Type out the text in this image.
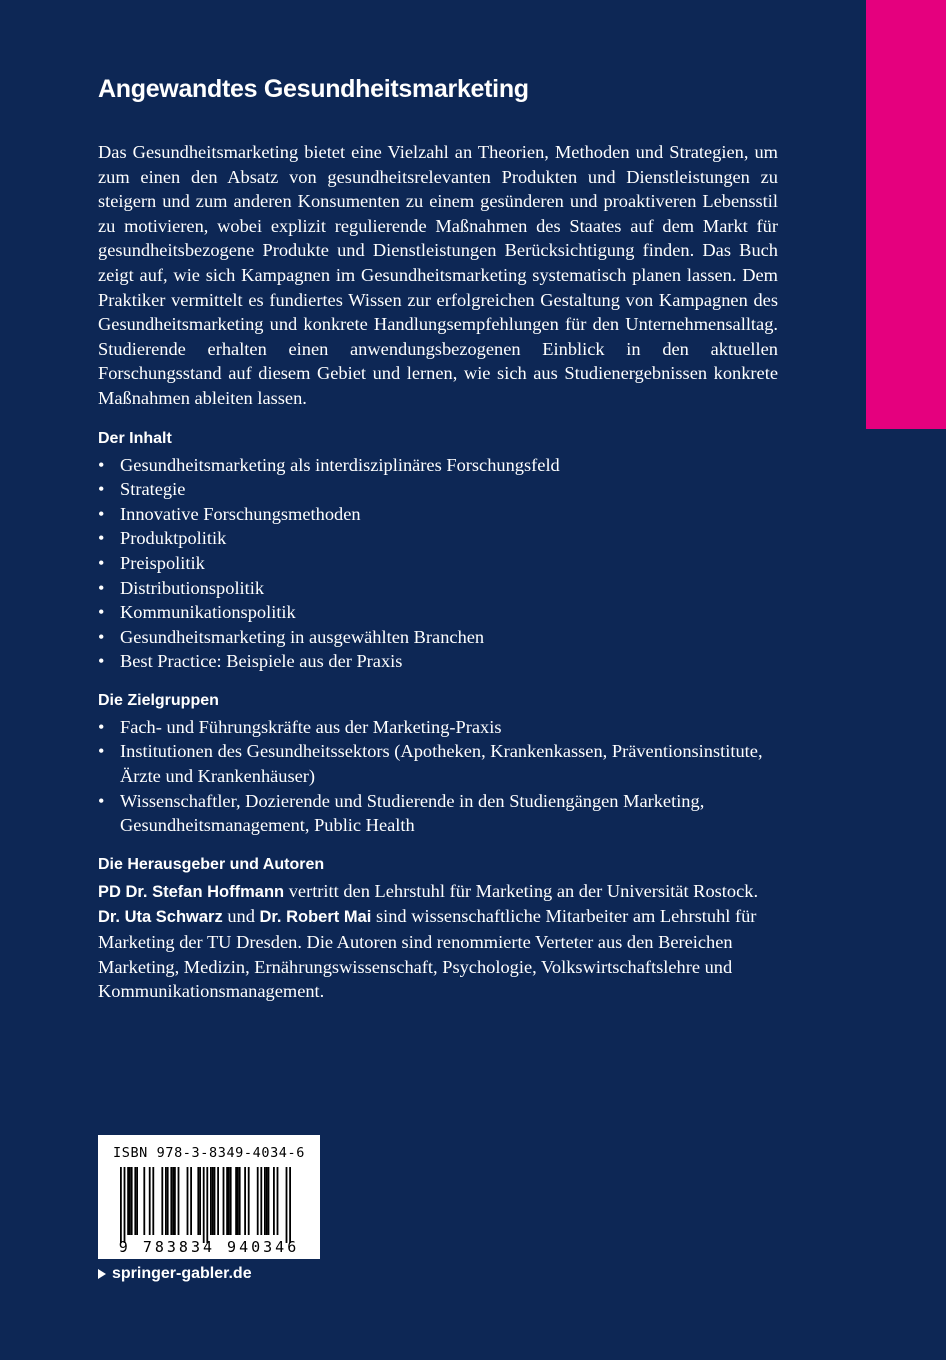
Angewandtes Gesundheitsmarketing

Das Gesundheitsmarketing bietet eine Vielzahl an Theorien, Methoden und Strategien, um zum einen den Absatz von gesundheitsrelevanten Produkten und Dienstleistungen zu steigern und zum anderen Konsumenten zu einem gesünderen und proaktiveren Lebensstil zu motivieren, wobei explizit regulierende Maßnahmen des Staates auf dem Markt für gesundheitsbezogene Produkte und Dienstleistungen Berücksichtigung finden. Das Buch zeigt auf, wie sich Kampagnen im Gesundheitsmarketing systematisch planen lassen. Dem Praktiker vermittelt es fundiertes Wissen zur erfolgreichen Gestaltung von Kampagnen des Gesundheitsmarketing und konkrete Handlungsempfehlungen für den Unternehmensalltag. Studierende erhalten einen anwendungsbezogenen Einblick in den aktuellen Forschungsstand auf diesem Gebiet und lernen, wie sich aus Studienergebnissen konkrete Maßnahmen ableiten lassen.

Der Inhalt
• Gesundheitsmarketing als interdisziplinäres Forschungsfeld
• Strategie
• Innovative Forschungsmethoden
• Produktpolitik
• Preispolitik
• Distributionspolitik
• Kommunikationspolitik
• Gesundheitsmarketing in ausgewählten Branchen
• Best Practice: Beispiele aus der Praxis
Die Zielgruppen
• Fach- und Führungskräfte aus der Marketing-Praxis
• Institutionen des Gesundheitssektors (Apotheken, Krankenkassen, Präventionsinstitute, Ärzte und Krankenhäuser)
• Wissenschaftler, Dozierende und Studierende in den Studiengängen Marketing, Gesundheitsmanagement, Public Health
Die Herausgeber und Autoren

PD Dr. Stefan Hoffmann vertritt den Lehrstuhl für Marketing an der Universität Rostock. Dr. Uta Schwarz und Dr. Robert Mai sind wissenschaftliche Mitarbeiter am Lehrstuhl für Marketing der TU Dresden. Die Autoren sind renommierte Verteter aus den Bereichen Marketing, Medizin, Ernährungswissenschaft, Psychologie, Volkswirtschaftslehre und Kommunikationsmanagement.

ISBN 978-3-8349-4034-6
9 783834 940346
springer-gabler.de
